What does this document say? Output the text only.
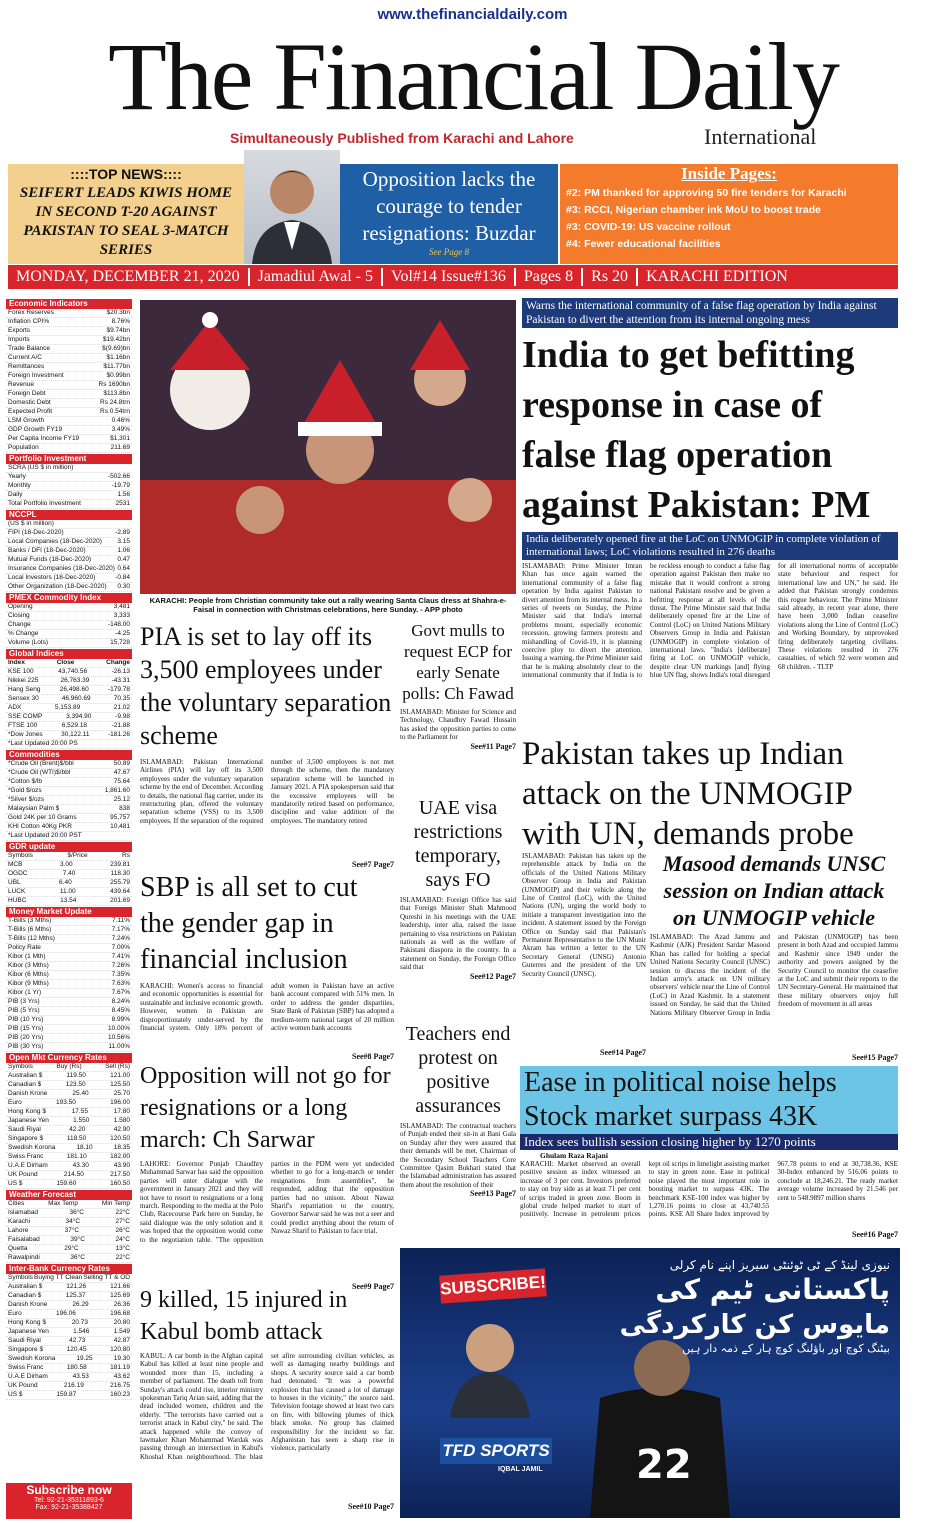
www.thefinancialdaily.com
The Financial Daily
Simultaneously Published from Karachi and Lahore	International
::::TOP NEWS::::
SEIFERT LEADS KIWIS HOME IN SECOND T-20 AGAINST PAKISTAN TO SEAL 3-MATCH SERIES
Opposition lacks the courage to tender resignations: Buzdar
See Page 8
Inside Pages:
#2: PM thanked for approving 50 fire tenders for Karachi
#3: RCCI, Nigerian chamber ink MoU to boost trade
#3: COVID-19: US vaccine rollout
#4: Fewer educational facilities
MONDAY, DECEMBER 21, 2020	Jamadiul Awal - 5	Vol#14 Issue#136	Pages 8	Rs 20	KARACHI EDITION
Economic Indicators
Forex Reserves	$20.3bn
Inflation CPI%	8.76%
Exports	$9.74bn
Imports	$19.42bn
Trade Balance	$(9.69)bn
Current A/C	$1.16bn
Remittances	$11.77bn
Foreign Investment	$0.99bn
Revenue	Rs 1690bn
Foreign Debt	$113.8bn
Domestic Debt	Rs 24.8trn
Expected Profit	Rs 0.54trn
LSM Growth	0.46%
GDP Growth FY19	3.49%
Per Capita Income FY19	$1,301
Population	211.69
Portfolio Investment
SCRA (US $ in million)
Yearly	-502.66
Monthly	-19.79
Daily	1.56
Total Portfolio Investment	2531
NCCPL
(US $ in million)
FIPI (18-Dec-2020)	-2.89
Local Companies (18-Dec-2020) 3.15
Banks / DFI (18-Dec-2020)	1.06
Mutual Funds (18-Dec-2020)	0.47
Insurance Companies (18-Dec-2020) 0.64
Local Investors (18-Dec-2020)	-0.84
Other Organization (18-Dec-2020) 0.30
PMEX Commodity Index
Opening	3,481
Closing	3,333
Change	-148.00
% Change	-4.25
Volume (Lots)	15,728
Global Indices
Index	Close	Change
KSE 100	43,740.56	-26.13
Nikkei 225	26,763.39	-43.31
Hang Seng	26,498.60	-179.78
Sensex 30	46,960.69	70.35
ADX	5,153.89	21.02
SSE COMP	3,394.90	-9.98
FTSE 100	6,529.18	-21.88
*Dow Jones	30,122.11	-181.26
*Last Updated 20:00 PS
Commodities
*Crude Oil (Brent)$/bbl	50.89
*Crude Oil (WTI)$/bbl	47.67
*Cotton $/lb	75.64
*Gold $/ozs	1,861.60
*Silver $/ozs	25.12
Malaysian Palm $	838
Gold 24K per 10 Grams	95,757
KHI Cotton 40Kg PKR	10,481
*Last Updated 20:00 PST
GDR update
Symbols	$/Price	Rs
MCB	3.00	239.81
OGDC	7.40	118.30
UBL	6.40	255.79
LUCK	11.00	439.64
HUBC	13.54	201.69
Money Market Update
T-Bills (3 Mths)	7.11%
T-Bills (6 Mths)	7.17%
T-Bills (12 Mths)	7.24%
Policy Rate	7.00%
Kibor (1 Mth)	7.41%
Kibor (3 Mths)	7.26%
Kibor (6 Mths)	7.35%
Kibor (9 Mths)	7.63%
Kibor (1 Yr)	7.67%
PIB (3 Yrs)	8.24%
PIB (5 Yrs)	8.45%
PIB (10 Yrs)	8.99%
PIB (15 Yrs)	10.00%
PIB (20 Yrs)	10.56%
PIB (30 Yrs)	11.00%
Open Mkt Currency Rates
Symbols	Buy (Rs)	Sell (Rs)
Australian $	119.50	121.00
Canadian $	123.50	125.50
Danish Krone	25.40	25.70
Euro	193.50	196.00
Hong Kong $	17.55	17.80
Japanese Yen	1.550	1.580
Saudi Riyal	42.20	42.90
Singapore $	118.50	120.50
Swedish Korona	18.10	18.35
Swiss Franc	181.10	182.00
U.A.E Dirham	43.30	43.90
UK Pound	214.50	217.50
US $	159.60	160.50
Weather Forecast
Cities	Max Temp	Min Temp
Islamabad	36°C	22°C
Karachi	34°C	27°C
Lahore	37°C	26°C
Faisalabad	39°C	24°C
Quetta	29°C	13°C
Rawalpindi	36°C	22°C
Inter-Bank Currency Rates
Symbols Buying TT Clean Selling TT & OD
Australian $	121.26	121.66
Canadian $	125.37	125.69
Danish Krone	26.29	26.36
Euro	196.06	196.68
Hong Kong $	20.73	20.80
Japanese Yen	1.546	1.549
Saudi Riyal	42.73	42.87
Singapore $	120.45	120.80
Swedish Korona	19.25	19.30
Swiss Franc	180.58	181.19
U.A.E Dirham	43.53	43.62
UK Pound	216.19	216.75
US $	159.87	160.23
KARACHI: People from Christian community take out a rally wearing Santa Claus dress at Shahra-e-Faisal in connection with Christmas celebrations, here Sunday. - APP photo
PIA is set to lay off its 3,500 employees under the voluntary separation scheme
ISLAMABAD: Pakistan International Airlines (PIA) will lay off its 3,500 employees under the voluntary separation scheme by the end of December. According to details, the national flag carrier, under its restructuring plan, offered the voluntary separation scheme (VSS) to its 3,500 employees. If the separation of the required number of 3,500 employees is not met through the scheme, then the mandatory separation scheme will be launched in January 2021. A PIA spokesperson said that the excessive employees will be mandatorily retired based on performance, discipline and value addition of the employees. The mandatory retired
See#7 Page7
SBP is all set to cut the gender gap in financial inclusion
KARACHI: Women's access to financial and economic opportunities is essential for sustainable and inclusive economic growth. However, women in Pakistan are disproportionately under-served by the financial system. Only 18% percent of adult women in Pakistan have an active bank account compared with 51% men. In order to address the gender disparities, State Bank of Pakistan (SBP) has adopted a medium-term national target of 20 million active women bank accounts
See#8 Page7
Opposition will not go for resignations or a long march: Ch Sarwar
LAHORE: Governor Punjab Chaudhry Muhammad Sarwar has said the opposition parties will enter dialogue with the government in January 2021 and they will not have to resort to resignations or a long march. Responding to the media at the Polo Club, Racecourse Park here on Sunday, he said dialogue was the only solution and it was hoped that the opposition would come to the negotiation table. "The opposition parties in the PDM were yet undecided whether to go for a long-march or tender resignations from assemblies", he responded, adding that the opposition parties had no unison. About Nawaz Sharif's repatriation to the country, Governor Sarwar said he was not a seer and could predict anything about the return of Nawaz Sharif to Pakistan to face trial.
See#9 Page7
9 killed, 15 injured in Kabul bomb attack
KABUL: A car bomb in the Afghan capital Kabul has killed at least nine people and wounded more than 15, including a member of parliament. The death toll from Sunday's attack could rise, interior ministry spokesman Tariq Arian said, adding that the dead included women, children and the elderly. "The terrorists have carried out a terrorist attack in Kabul city," he said. The attack happened while the convoy of lawmaker Khan Mohammad Wardak was passing through an intersection in Kabul's Khoshal Khan neighbourhood. The blast set afire surrounding civilian vehicles, as well as damaging nearby buildings and shops. A security source said a car bomb had detonated. "It was a powerful explosion that has caused a lot of damage to houses in the vicinity," the source said. Television footage showed at least two cars on fire, with billowing plumes of thick black smoke. No group has claimed responsibility for the incident so far. Afghanistan has seen a sharp rise in violence, particularly
See#10 Page7
Govt mulls to request ECP for early Senate polls: Ch Fawad
ISLAMABAD: Minister for Science and Technology, Chaudhry Fawad Hussain has asked the opposition parties to come to the Parliament for
See#11 Page7
UAE visa restrictions temporary, says FO
ISLAMABAD: Foreign Office has said that Foreign Minister Shah Mahmood Qureshi in his meetings with the UAE leadership, inter alia, raised the issue pertaining to visa restrictions on Pakistan nationals as well as the welfare of Pakistani diaspora in the country. In a statement on Sunday, the Foreign Office said that
See#12 Page7
Teachers end protest on positive assurances
ISLAMABAD: The contractual teachers of Punjab ended their sit-in at Bani Gala on Sunday after they were assured that their demands will be met. Chairman of the Secondary School Teachers Core Committee Qasim Bukhari stated that the Islamabad administration has assured them about the resolution of their
See#13 Page7
Warns the international community of a false flag operation by India against Pakistan to divert the attention from its internal ongoing mess
India to get befitting response in case of false flag operation against Pakistan: PM
India deliberately opened fire at the LoC on UNMOGIP in complete violation of international laws; LoC violations resulted in 276 deaths
ISLAMABAD: Prime Minister Imran Khan has once again warned the international community of a false flag operation by India against Pakistan to divert attention from its internal mess. In a series of tweets on Sunday, the Prime Minister said that India's internal problems mount, especially economic recession, growing farmers protests and mishandling of Covid-19, it is planning coercive ploy to divert the attention. Issuing a warning, the Prime Minister said that he is making absolutely clear to the international community that if India is to be reckless enough to conduct a false flag operation against Pakistan then make no mistake that it would confront a strong national Pakistani resolve and be given a befitting response at all levels of the threat. The Prime Minister said that India deliberately opened fire at the Line of Control (LoC) on United Nations Military Observers Group in India and Pakistan (UNMOGIP) in complete violation of international laws. "India's [deliberate] firing at LoC on UNMOGIP vehicle, despite clear UN markings [and] flying blue UN flag, shows India's total disregard for all international norms of acceptable state behaviour and respect for international law and UN," he said. He added that Pakistan strongly condemns this rogue behaviour. The Prime Minister said already, in recent year alone, there have been 3,000 Indian ceasefire violations along the Line of Control (LoC) and Working Boundary, by unprovoked firing deliberately targeting civilians. These violations resulted in 276 casualties, of which 92 were women and 68 children. - TLTP
Pakistan takes up Indian attack on the UNMOGIP with UN, demands probe
ISLAMABAD: Pakistan has taken up the reprehensible attack by India on the officials of the United Nations Military Observer Group in India and Pakistan (UNMOGIP) and their vehicle along the Line of Control (LoC), with the United Nations (UN), urging the world body to initiate a transparent investigation into the incident. A statement issued by the Foreign Office on Sunday said that Pakistan's Permanent Representative to the UN Munir Akram has written a letter to the UN Secretary General (UNSG) Antonio Guterres and the president of the UN Security Council (UNSC).
See#14 Page7
Masood demands UNSC session on Indian attack on UNMOGIP vehicle
ISLAMABAD: The Azad Jammu and Kashmir (AJK) President Sardar Masood Khan has called for holding a special United Nations Security Council (UNSC) session to discuss the incident of the Indian army's attack on UN military observers' vehicle near the Line of Control (LoC) in Azad Kashmir. In a statement issued on Sunday, he said that the United Nations Military Observer Group in India and Pakistan (UNMOGIP) has been present in both Azad and occupied Jammu and Kashmir since 1949 under the authority and powers assigned by the Security Council to monitor the ceasefire at the LoC and submit their reports to the UN Secretary-General. He maintained that these military observers enjoy full freedom of movement in all areas
See#15 Page7
Ease in political noise helps Stock market surpass 43K
Index sees bullish session closing higher by 1270 points
Ghulam Raza Rajani
KARACHI: Market observed an overall positive session as index witnessed an increase of 3 per cent. Investors preferred to stay on buy side as at least 71 per cent of scrips traded in green zone. Boom in global crude helped market to start of positively. Increase in petroleum prices kept oil scrips in limelight assisting market to stay in green zone. Ease in political noise played the most important role in boosting market to surpass 43K. The benchmark KSE-100 index was higher by 1,270.16 points to close at 43,740.55 points. KSE All Share Index improved by 967.78 points to end at 30,738.36, KSE 30-Index enhanced by 516.06 points to conclude at 18,246.21. The ready market average volume increased by 21.546 per cent to 548.9897 million shares
See#16 Page7
22
SUBSCRIBE!
نیوزی لینڈ کے ٹی ٹوئنٹی سیریز اپنے نام کرلی
پاکستانی ٹیم کی
مایوس کن کارکردگی
بیٹنگ کوچ اور باؤلنگ کوچ ہار کے ذمہ دار ہیں
TFD SPORTS
IQBAL JAMIL
Subscribe now
Tel: 92-21-35311893-6
Fax: 92-21-35388427
